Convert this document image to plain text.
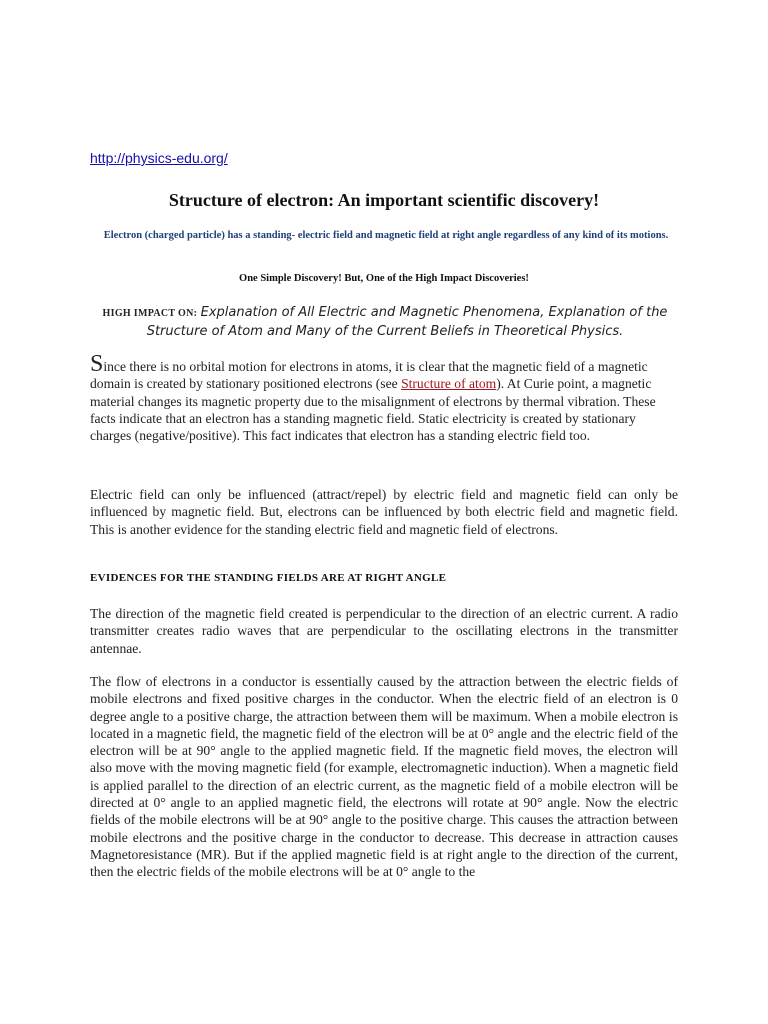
http://physics-edu.org/
Structure of electron: An important scientific discovery!
Electron (charged particle) has a standing- electric field and magnetic field at right angle regardless of any kind of its motions.
One Simple Discovery! But, One of the High Impact Discoveries!
HIGH IMPACT ON: Explanation of All Electric and Magnetic Phenomena, Explanation of the Structure of Atom and Many of the Current Beliefs in Theoretical Physics.
Since there is no orbital motion for electrons in atoms, it is clear that the magnetic field of a magnetic domain is created by stationary positioned electrons (see Structure of atom). At Curie point, a magnetic material changes its magnetic property due to the misalignment of electrons by thermal vibration. These facts indicate that an electron has a standing magnetic field. Static electricity is created by stationary charges (negative/positive). This fact indicates that electron has a standing electric field too.
Electric field can only be influenced (attract/repel) by electric field and magnetic field can only be influenced by magnetic field. But, electrons can be influenced by both electric field and magnetic field. This is another evidence for the standing electric field and magnetic field of electrons.
EVIDENCES FOR THE STANDING FIELDS ARE AT RIGHT ANGLE
The direction of the magnetic field created is perpendicular to the direction of an electric current. A radio transmitter creates radio waves that are perpendicular to the oscillating electrons in the transmitter antennae.
The flow of electrons in a conductor is essentially caused by the attraction between the electric fields of mobile electrons and fixed positive charges in the conductor. When the electric field of an electron is 0 degree angle to a positive charge, the attraction between them will be maximum. When a mobile electron is located in a magnetic field, the magnetic field of the electron will be at 0° angle and the electric field of the electron will be at 90° angle to the applied magnetic field. If the magnetic field moves, the electron will also move with the moving magnetic field (for example, electromagnetic induction). When a magnetic field is applied parallel to the direction of an electric current, as the magnetic field of a mobile electron will be directed at 0° angle to an applied magnetic field, the electrons will rotate at 90° angle. Now the electric fields of the mobile electrons will be at 90° angle to the positive charge. This causes the attraction between mobile electrons and the positive charge in the conductor to decrease. This decrease in attraction causes Magnetoresistance (MR). But if the applied magnetic field is at right angle to the direction of the current, then the electric fields of the mobile electrons will be at 0° angle to the
